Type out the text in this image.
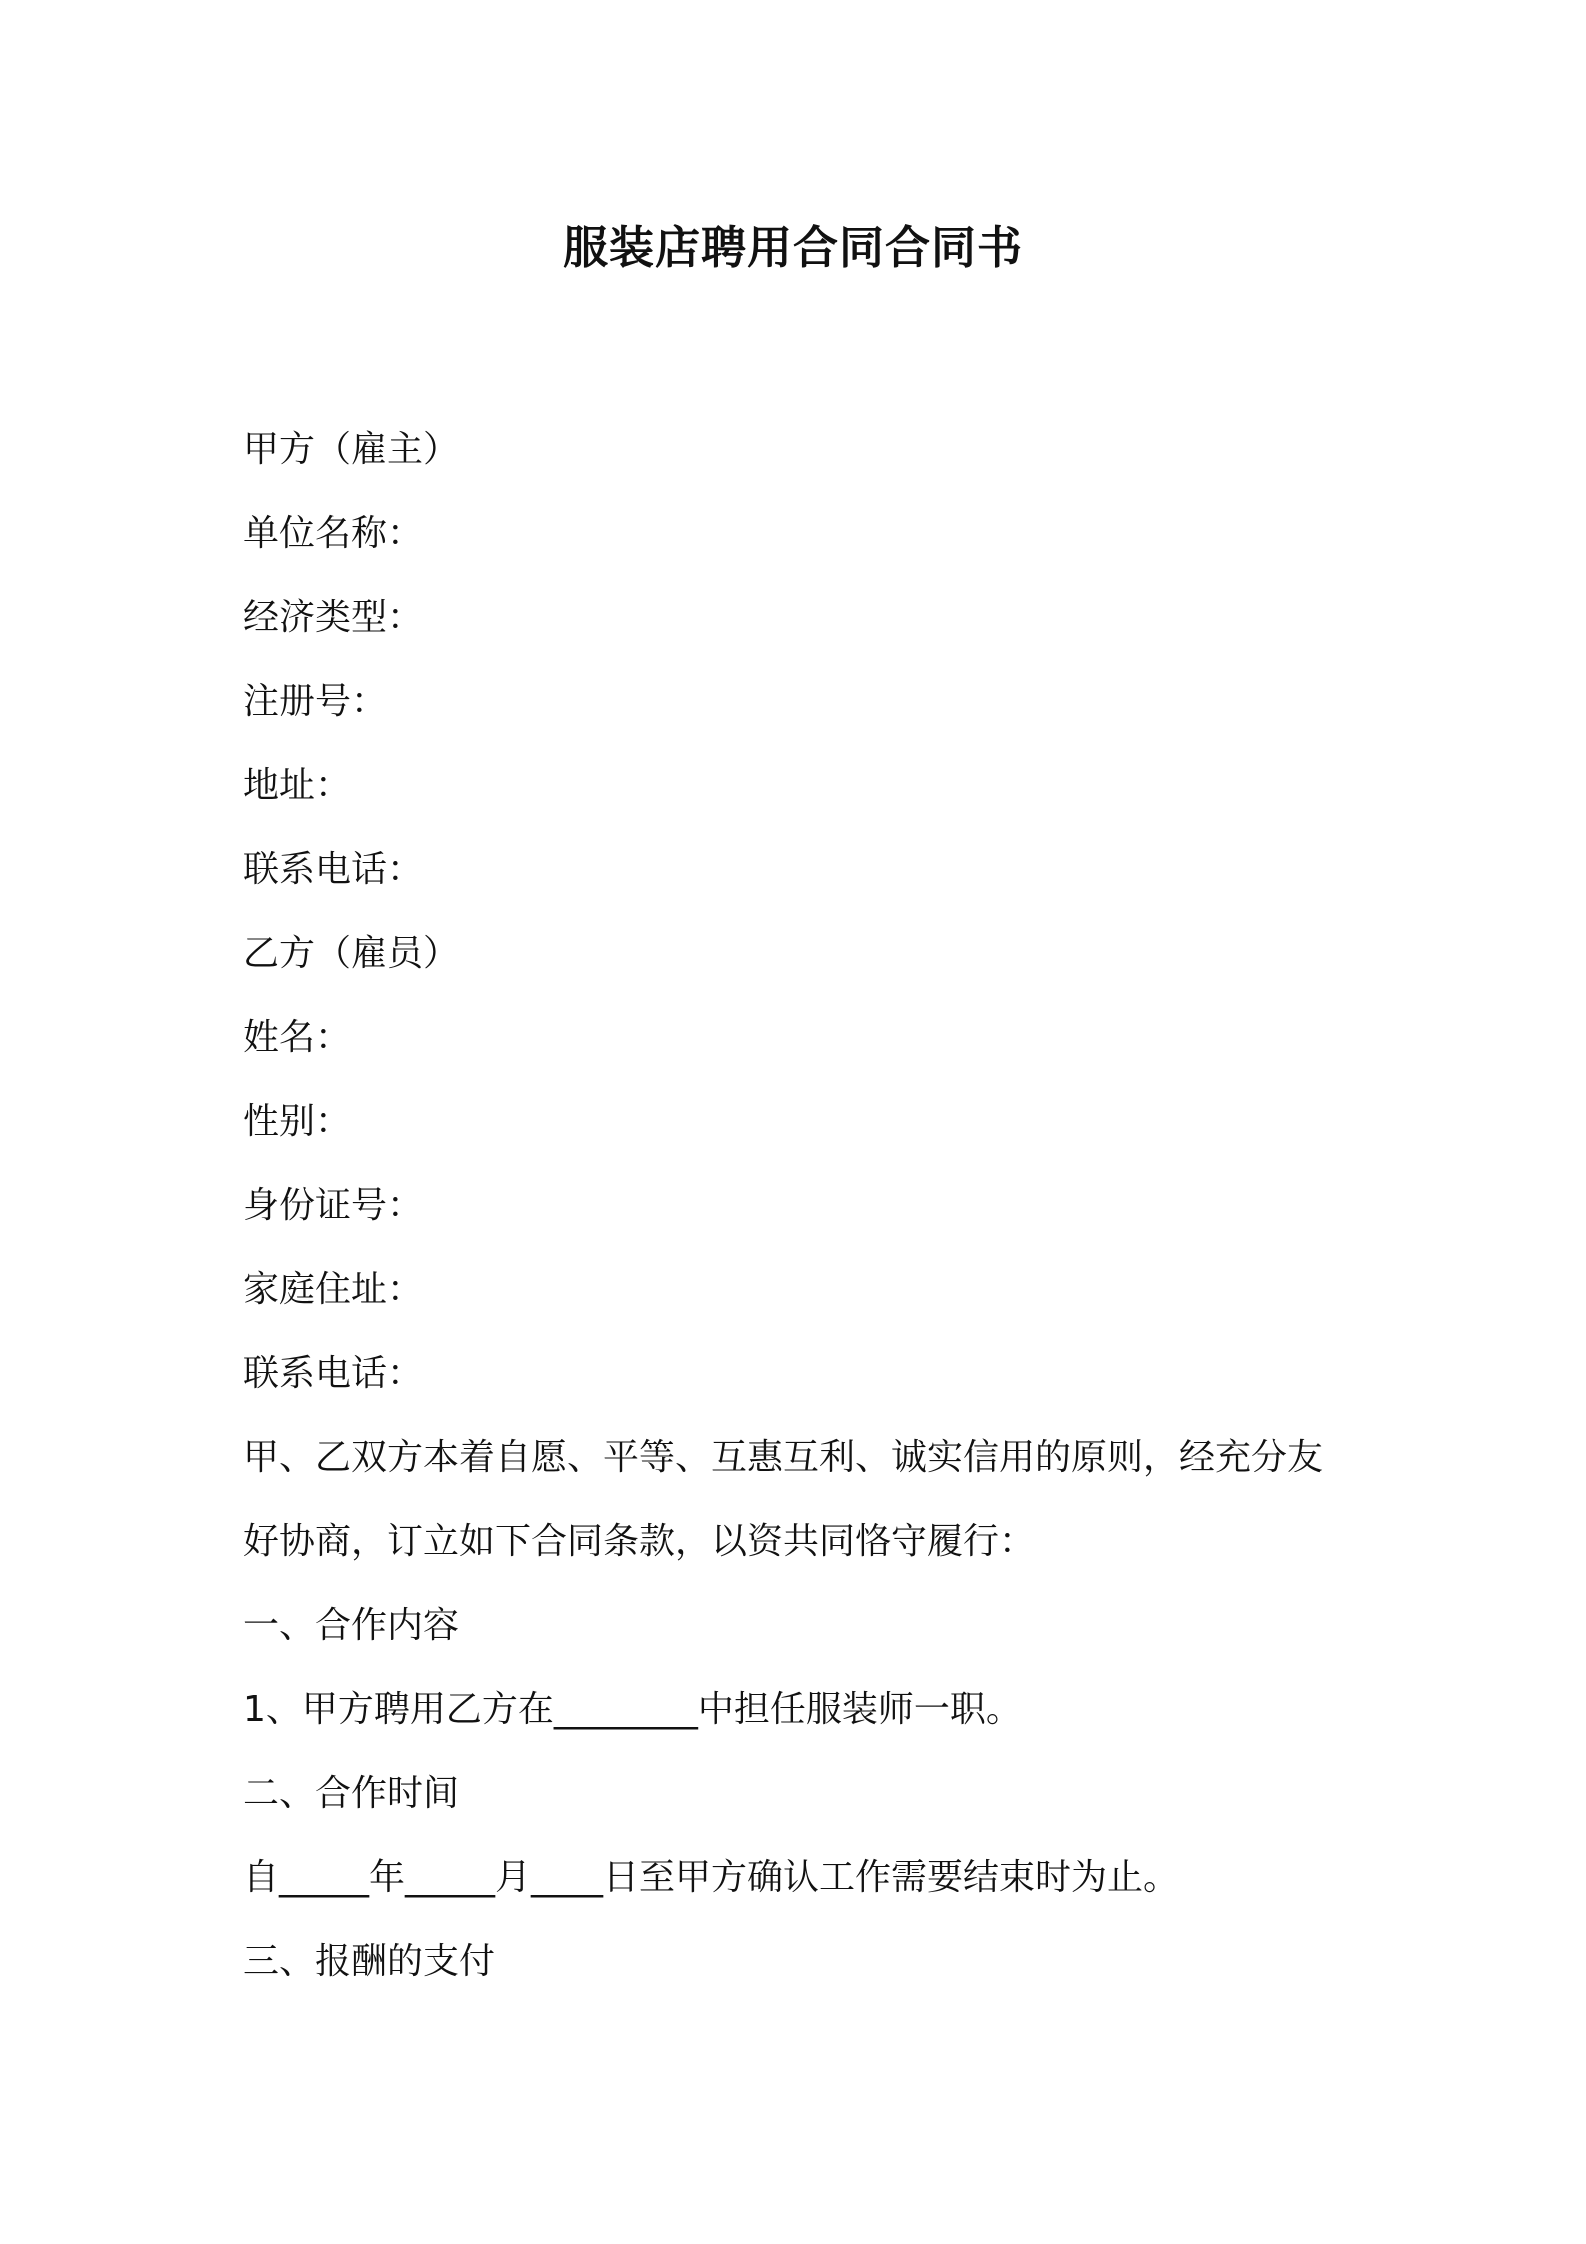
服装店聘用合同合同书

甲方（雇主）

单位名称：

经济类型：

注册号：

地址：

联系电话：

乙方（雇员）

姓名：

性别：

身份证号：

家庭住址：

联系电话：

甲、乙双方本着自愿、平等、互惠互利、诚实信用的原则，经充分友

好协商，订立如下合同条款，以资共同恪守履行：

一、合作内容

1、甲方聘用乙方在________中担任服装师一职。

二、合作时间

自_____年_____月____日至甲方确认工作需要结束时为止。

三、报酬的支付
